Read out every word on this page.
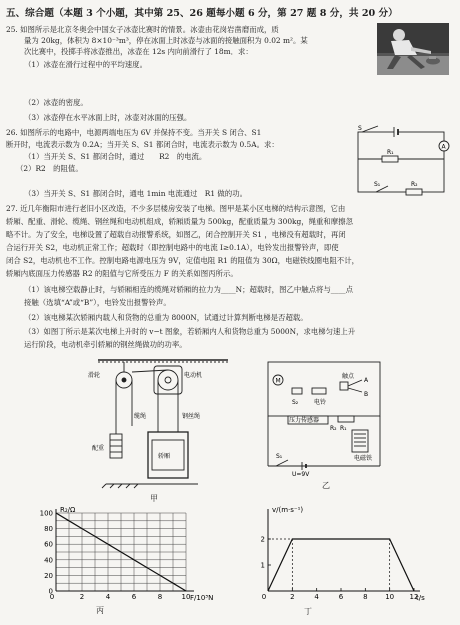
五、综合题（本题 3 个小题，其中第 25、26 题每小题 6 分，第 27 题 8 分，共 20 分）
25. 如图所示是北京冬奥会中国女子冰壶比赛时的情景。冰壶由花岗岩凿磨而成，质
量为 20kg，体积为 8×10⁻³m³，停在冰面上时冰壶与冰面的接触面积为 0.02 m²。某
次比赛中，投掷手将冰壶推出，冰壶在 12s 内向前滑行了 18m．求：
（1）冰壶在滑行过程中的平均速度。
（2）冰壶的密度。
（3）冰壶停在水平冰面上时，冰壶对冰面的压强。
26. 如图所示的电路中，电源两端电压为 6V 并保持不变。当开关 S 闭合、S1
断开时，电流表示数为 0.2A；当开关 S、S1 都闭合时，电流表示数为 0.5A。求：
（1）当开关 S、S1 都闭合时，通过　　R2　的电流。
（2）R2　的阻值。
（3）当开关 S、S1 都闭合时，通电 1min 电流通过　R1 做的功。
S
R₁
S₁	R₂
A
27. 近几年衡阳市进行老旧小区改造，不少多层楼房安装了电梯。图甲是某小区电梯的结构示意图，它由
轿厢、配重、滑轮、缆绳、钢丝绳和电动机组成，轿厢质量为 500kg，配重质量为 300kg，绳重和摩擦忽
略不计。为了安全，电梯设置了超载自动报警系统，如图乙，闭合控制开关 S1 ，电梯没有超载时，再闭
合运行开关 S2，电动机正常工作；超载时（即控制电路中的电流 I≥0.1A），电铃发出报警铃声，即使
闭合 S2，电动机也不工作。控制电路电源电压为 9V，定值电阻 R1 的阻值为 30Ω，电磁铁线圈电阻不计，
轿厢内底面压力传感器 R2 的阻值与它所受压力 F 的关系如图丙所示。
（1）该电梯空载静止时，与轿厢相连的缆绳对轿厢的拉力为____N；超载时，图乙中触点将与____点
接触（选填“A”或“B”），电铃发出报警铃声。
（2）该电梯某次轿厢内载人和货物的总重为 8000N，试通过计算判断电梯是否超载。
（3）如图丁所示是某次电梯上升时的 v−t 图象，若轿厢内人和货物总重为 5000N，求电梯匀速上升
运行阶段，电动机牵引轿厢的钢丝绳做功的功率。
滑轮	电动机
缆绳	钢丝绳
配重
轿厢
甲
M
触点
A
B
电铃
S₂
压力传感器
R₁
R₂
电磁铁
S₁
U=9V
乙
0
20
40
60
80
100
2	4	6	8	10
0
R₂/Ω
F/10³N
丙
2	4	6	8	10 12
0
1
2
v/(m·s⁻¹)
t/s
丁
